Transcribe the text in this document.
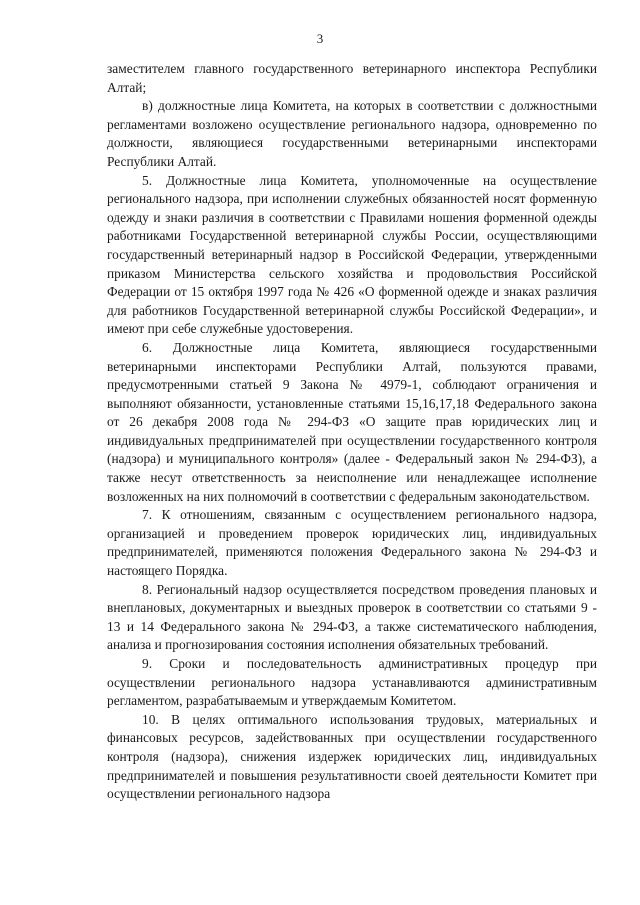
3

заместителем главного государственного ветеринарного инспектора Республики Алтай;

в) должностные лица Комитета, на которых в соответствии с должностными регламентами возложено осуществление регионального надзора, одновременно по должности, являющиеся государственными ветеринарными инспекторами Республики Алтай.

5. Должностные лица Комитета, уполномоченные на осуществление регионального надзора, при исполнении служебных обязанностей носят форменную одежду и знаки различия в соответствии с Правилами ношения форменной одежды работниками Государственной ветеринарной службы России, осуществляющими государственный ветеринарный надзор в Российской Федерации, утвержденными приказом Министерства сельского хозяйства и продовольствия Российской Федерации от 15 октября 1997 года № 426 «О форменной одежде и знаках различия для работников Государственной ветеринарной службы Российской Федерации», и имеют при себе служебные удостоверения.

6. Должностные лица Комитета, являющиеся государственными ветеринарными инспекторами Республики Алтай, пользуются правами, предусмотренными статьей 9 Закона № 4979-1, соблюдают ограничения и выполняют обязанности, установленные статьями 15,16,17,18 Федерального закона от 26 декабря 2008 года № 294-ФЗ «О защите прав юридических лиц и индивидуальных предпринимателей при осуществлении государственного контроля (надзора) и муниципального контроля» (далее - Федеральный закон № 294-ФЗ), а также несут ответственность за неисполнение или ненадлежащее исполнение возложенных на них полномочий в соответствии с федеральным законодательством.

7. К отношениям, связанным с осуществлением регионального надзора, организацией и проведением проверок юридических лиц, индивидуальных предпринимателей, применяются положения Федерального закона № 294-ФЗ и настоящего Порядка.

8. Региональный надзор осуществляется посредством проведения плановых и внеплановых, документарных и выездных проверок в соответствии со статьями 9 - 13 и 14 Федерального закона № 294-ФЗ, а также систематического наблюдения, анализа и прогнозирования состояния исполнения обязательных требований.

9. Сроки и последовательность административных процедур при осуществлении регионального надзора устанавливаются административным регламентом, разрабатываемым и утверждаемым Комитетом.

10. В целях оптимального использования трудовых, материальных и финансовых ресурсов, задействованных при осуществлении государственного контроля (надзора), снижения издержек юридических лиц, индивидуальных предпринимателей и повышения результативности своей деятельности Комитет при осуществлении регионального надзора
